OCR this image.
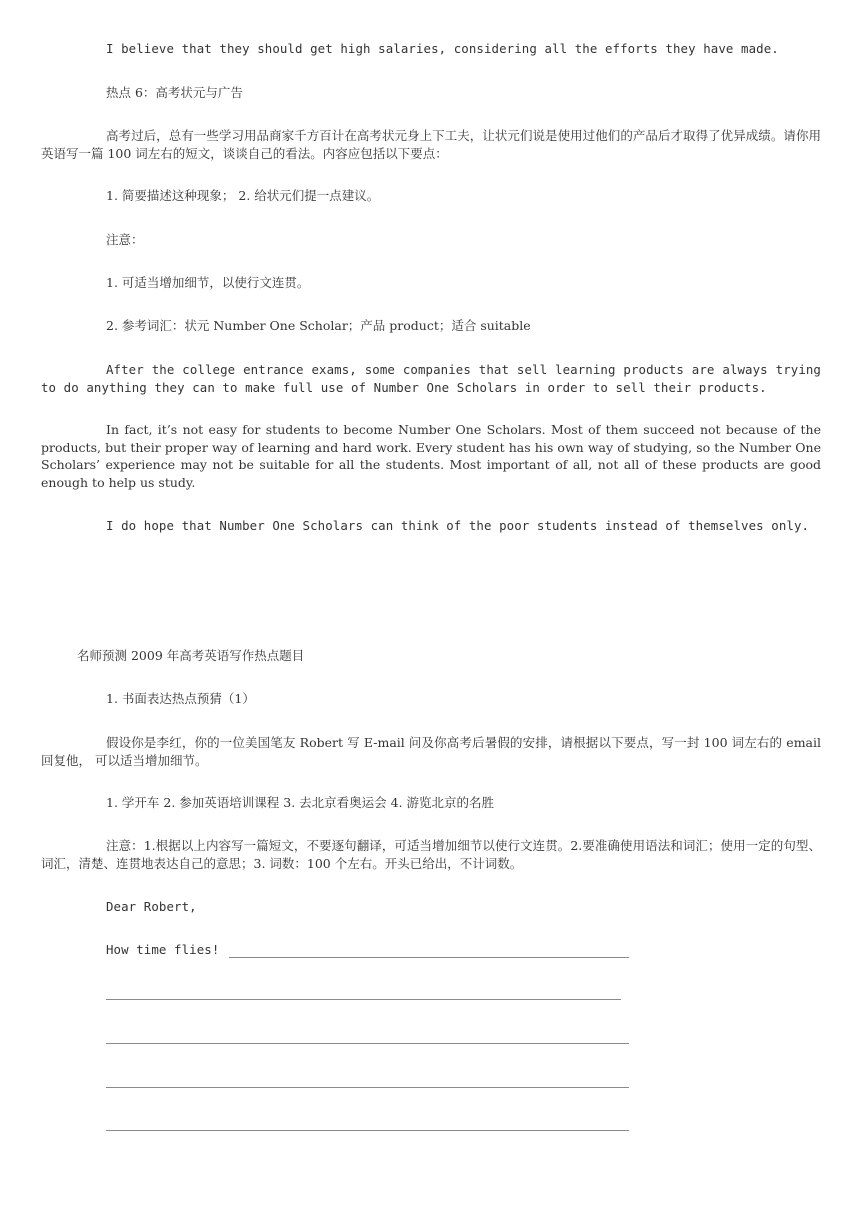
I believe that they should get high salaries, considering all the efforts they have made.

热点 6：高考状元与广告

高考过后，总有一些学习用品商家千方百计在高考状元身上下工夫，让状元们说是使用过他们的产品后才取得了优异成绩。请你用英语写一篇 100 词左右的短文，谈谈自己的看法。内容应包括以下要点：

1. 简要描述这种现象； 2. 给状元们提一点建议。

注意：

1. 可适当增加细节，以使行文连贯。

2. 参考词汇：状元 Number One Scholar；产品 product；适合 suitable

After the college entrance exams, some companies that sell learning products are always trying to do anything they can to make full use of Number One Scholars in order to sell their products.

In fact, it’s not easy for students to become Number One Scholars. Most of them succeed not because of the products, but their proper way of learning and hard work. Every student has his own way of studying, so the Number One Scholars’ experience may not be suitable for all the students. Most important of all, not all of these products are good enough to help us study.

I do hope that Number One Scholars can think of the poor students instead of themselves only.

名师预测 2009 年高考英语写作热点题目

1. 书面表达热点预猜（1）

假设你是李红，你的一位美国笔友 Robert 写 E-mail 问及你高考后暑假的安排，请根据以下要点，写一封 100 词左右的 email 回复他， 可以适当增加细节。

1. 学开车 2. 参加英语培训课程 3. 去北京看奥运会 4. 游览北京的名胜

注意：1.根据以上内容写一篇短文，不要逐句翻译，可适当增加细节以使行文连贯。2.要准确使用语法和词汇；使用一定的句型、词汇，清楚、连贯地表达自己的意思；3. 词数：100 个左右。开头已给出，不计词数。

Dear Robert,

How time flies!
